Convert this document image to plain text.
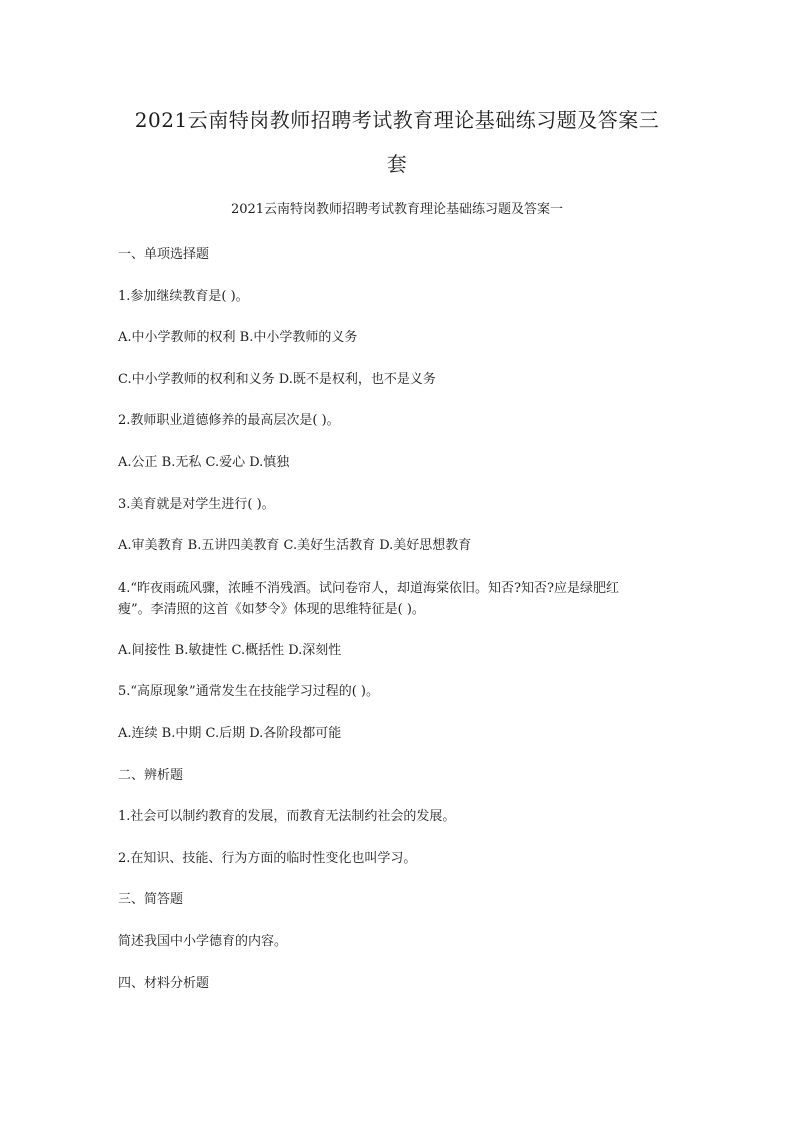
2021云南特岗教师招聘考试教育理论基础练习题及答案三
套
2021云南特岗教师招聘考试教育理论基础练习题及答案一
一、单项选择题
1.参加继续教育是( )。
A.中小学教师的权利 B.中小学教师的义务
C.中小学教师的权利和义务 D.既不是权利，也不是义务
2.教师职业道德修养的最高层次是( )。
A.公正 B.无私 C.爱心 D.慎独
3.美育就是对学生进行( )。
A.审美教育 B.五讲四美教育 C.美好生活教育 D.美好思想教育
4.“昨夜雨疏风骤，浓睡不消残酒。试问卷帘人，却道海棠依旧。知否?知否?应是绿肥红
瘦”。李清照的这首《如梦令》体现的思维特征是( )。
A.间接性 B.敏捷性 C.概括性 D.深刻性
5.“高原现象”通常发生在技能学习过程的( )。
A.连续 B.中期 C.后期 D.各阶段都可能
二、辨析题
1.社会可以制约教育的发展，而教育无法制约社会的发展。
2.在知识、技能、行为方面的临时性变化也叫学习。
三、简答题
简述我国中小学德育的内容。
四、材料分析题
